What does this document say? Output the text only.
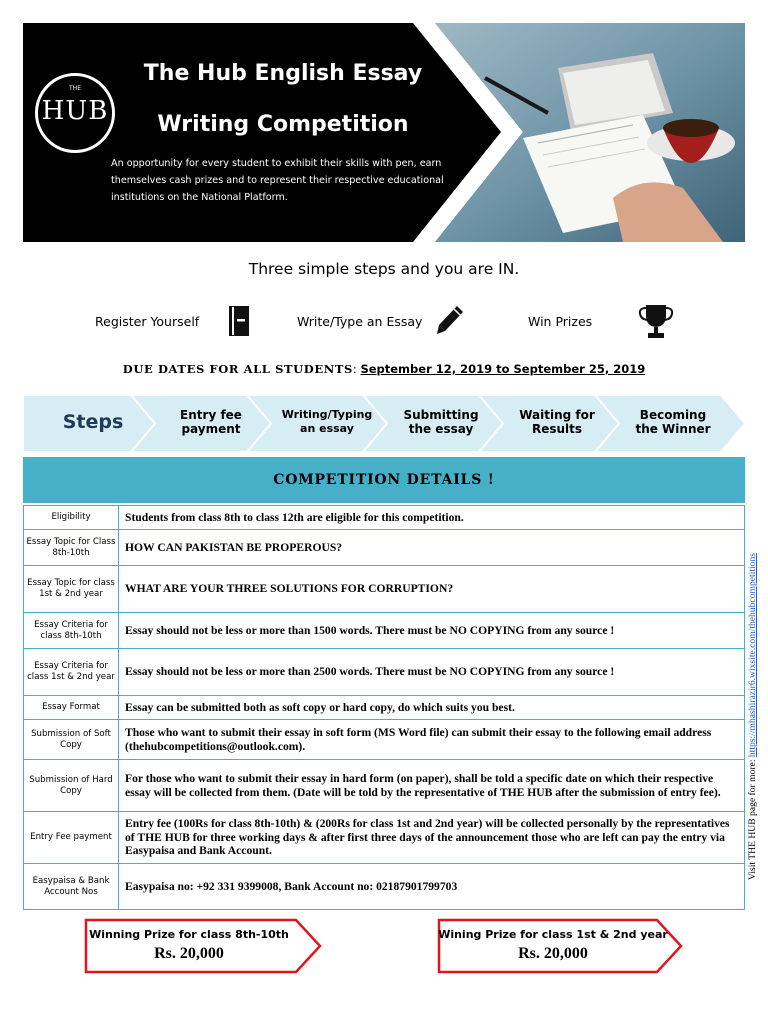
THE
HUB
The Hub English Essay
Writing Competition
An opportunity for every student to exhibit their skills with pen, earn themselves cash prizes and to represent their respective educational institutions on the National Platform.
Three simple steps and you are IN.
Register Yourself	Write/Type an Essay	Win Prizes
DUE DATES FOR ALL STUDENTS: September 12, 2019 to September 25, 2019
Steps	Entry fee
payment
Writing/Typing
an essay
Submitting
the essay
Waiting for
Results
Becoming
the Winner
COMPETITION DETAILS !
Eligibility	Students from class 8th to class 12th are eligible for this competition.
Essay Topic for Class 8th-10th	HOW CAN PAKISTAN BE PROPEROUS?
Essay Topic for class 1st & 2nd year	WHAT ARE YOUR THREE SOLUTIONS FOR CORRUPTION?
Essay Criteria for class 8th-10th	Essay should not be less or more than 1500 words. There must be NO COPYING from any source !
Essay Criteria for class 1st & 2nd year	Essay should not be less or more than 2500 words. There must be NO COPYING from any source !
Essay Format	Essay can be submitted both as soft copy or hard copy, do which suits you best.
Submission of Soft Copy	Those who want to submit their essay in soft form (MS Word file) can submit their essay to the following email address (thehubcompetitions@outlook.com).
Submission of Hard Copy	For those who want to submit their essay in hard form (on paper), shall be told a specific date on which their respective essay will be collected from them. (Date will be told by the representative of THE HUB after the submission of entry fee).
Entry Fee payment	Entry fee (100Rs for class 8th-10th) & (200Rs for class 1st and 2nd year) will be collected personally by the representatives of THE HUB for three working days & after first three days of the announcement those who are left can pay the entry via Easypaisa and Bank Account.
Easypaisa & Bank Account Nos	Easypaisa no: +92 331 9399008, Bank Account no: 02187901799703
Visit THE HUB page for more: https://mhashirazir6.wixsite.com/thehubcompetitions
Winning Prize for class 8th-10th
Rs. 20,000
Wining Prize for class 1st & 2nd year
Rs. 20,000
